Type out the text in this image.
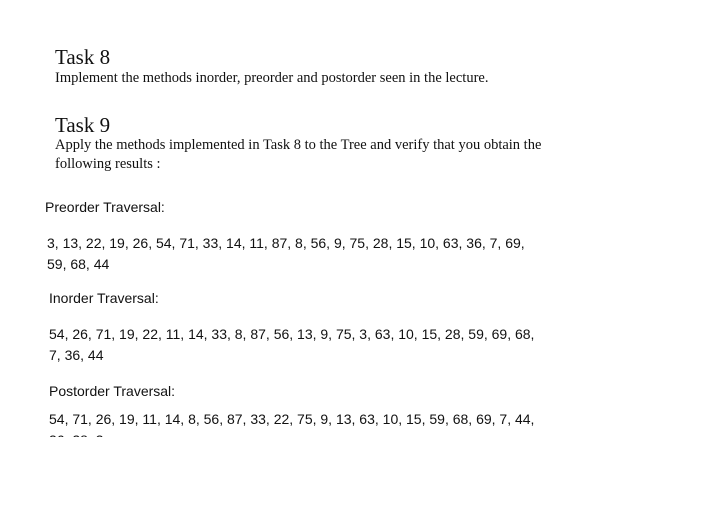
Task 8
Implement the methods inorder, preorder and postorder seen in the lecture.
Task 9
Apply the methods implemented in Task 8 to the Tree and verify that you obtain the
following results :
Preorder Traversal:
3, 13, 22, 19, 26, 54, 71, 33, 14, 11, 87, 8, 56, 9, 75, 28, 15, 10, 63, 36, 7, 69,
59, 68, 44
Inorder Traversal:
54, 26, 71, 19, 22, 11, 14, 33, 8, 87, 56, 13, 9, 75, 3, 63, 10, 15, 28, 59, 69, 68,
7, 36, 44
Postorder Traversal:
54, 71, 26, 19, 11, 14, 8, 56, 87, 33, 22, 75, 9, 13, 63, 10, 15, 59, 68, 69, 7, 44,
